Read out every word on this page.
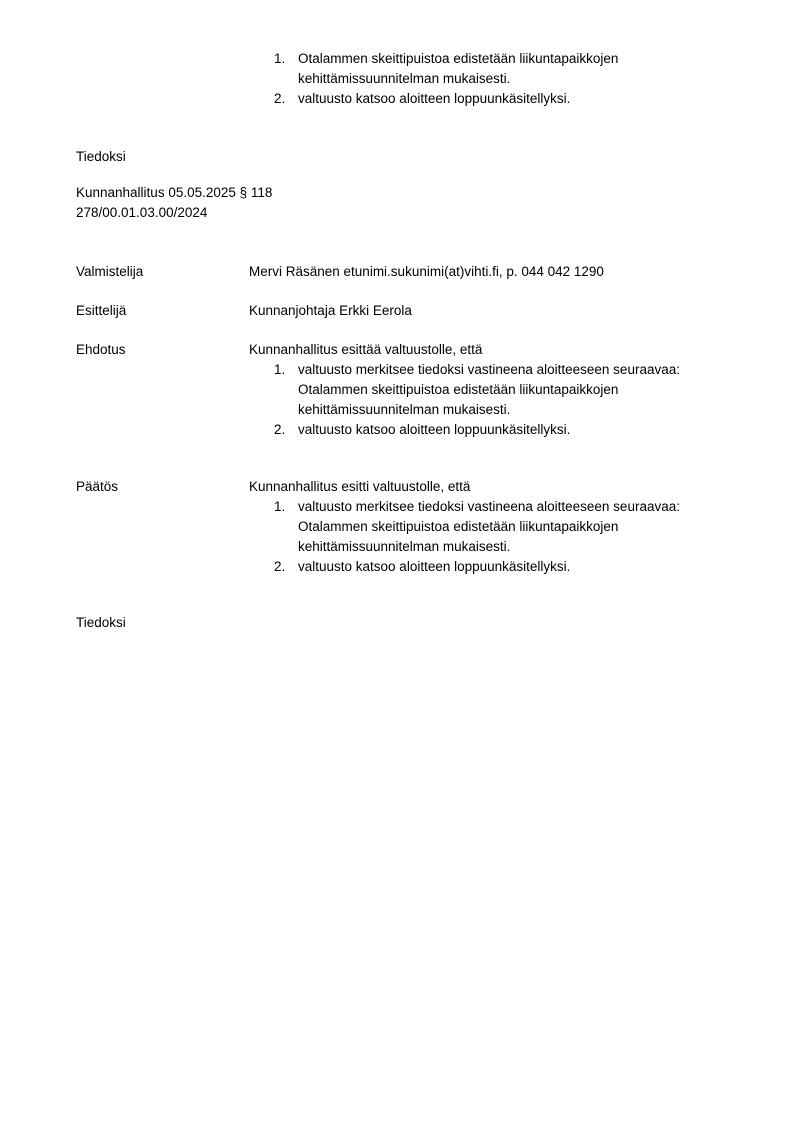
1. Otalammen skeittipuistoa edistetään liikuntapaikkojen kehittämissuunnitelman mukaisesti.
2. valtuusto katsoo aloitteen loppuunkäsitellyksi.
Tiedoksi
Kunnanhallitus 05.05.2025 § 118
278/00.01.03.00/2024
Valmistelija	Mervi Räsänen etunimi.sukunimi(at)vihti.fi, p. 044 042 1290
Esittelijä	Kunnanjohtaja Erkki Eerola
Ehdotus	Kunnanhallitus esittää valtuustolle, että
1. valtuusto merkitsee tiedoksi vastineena aloitteeseen seuraavaa: Otalammen skeittipuistoa edistetään liikuntapaikkojen kehittämissuunnitelman mukaisesti.
2. valtuusto katsoo aloitteen loppuunkäsitellyksi.
Päätös	Kunnanhallitus esitti valtuustolle, että
1. valtuusto merkitsee tiedoksi vastineena aloitteeseen seuraavaa: Otalammen skeittipuistoa edistetään liikuntapaikkojen kehittämissuunnitelman mukaisesti.
2. valtuusto katsoo aloitteen loppuunkäsitellyksi.
Tiedoksi
